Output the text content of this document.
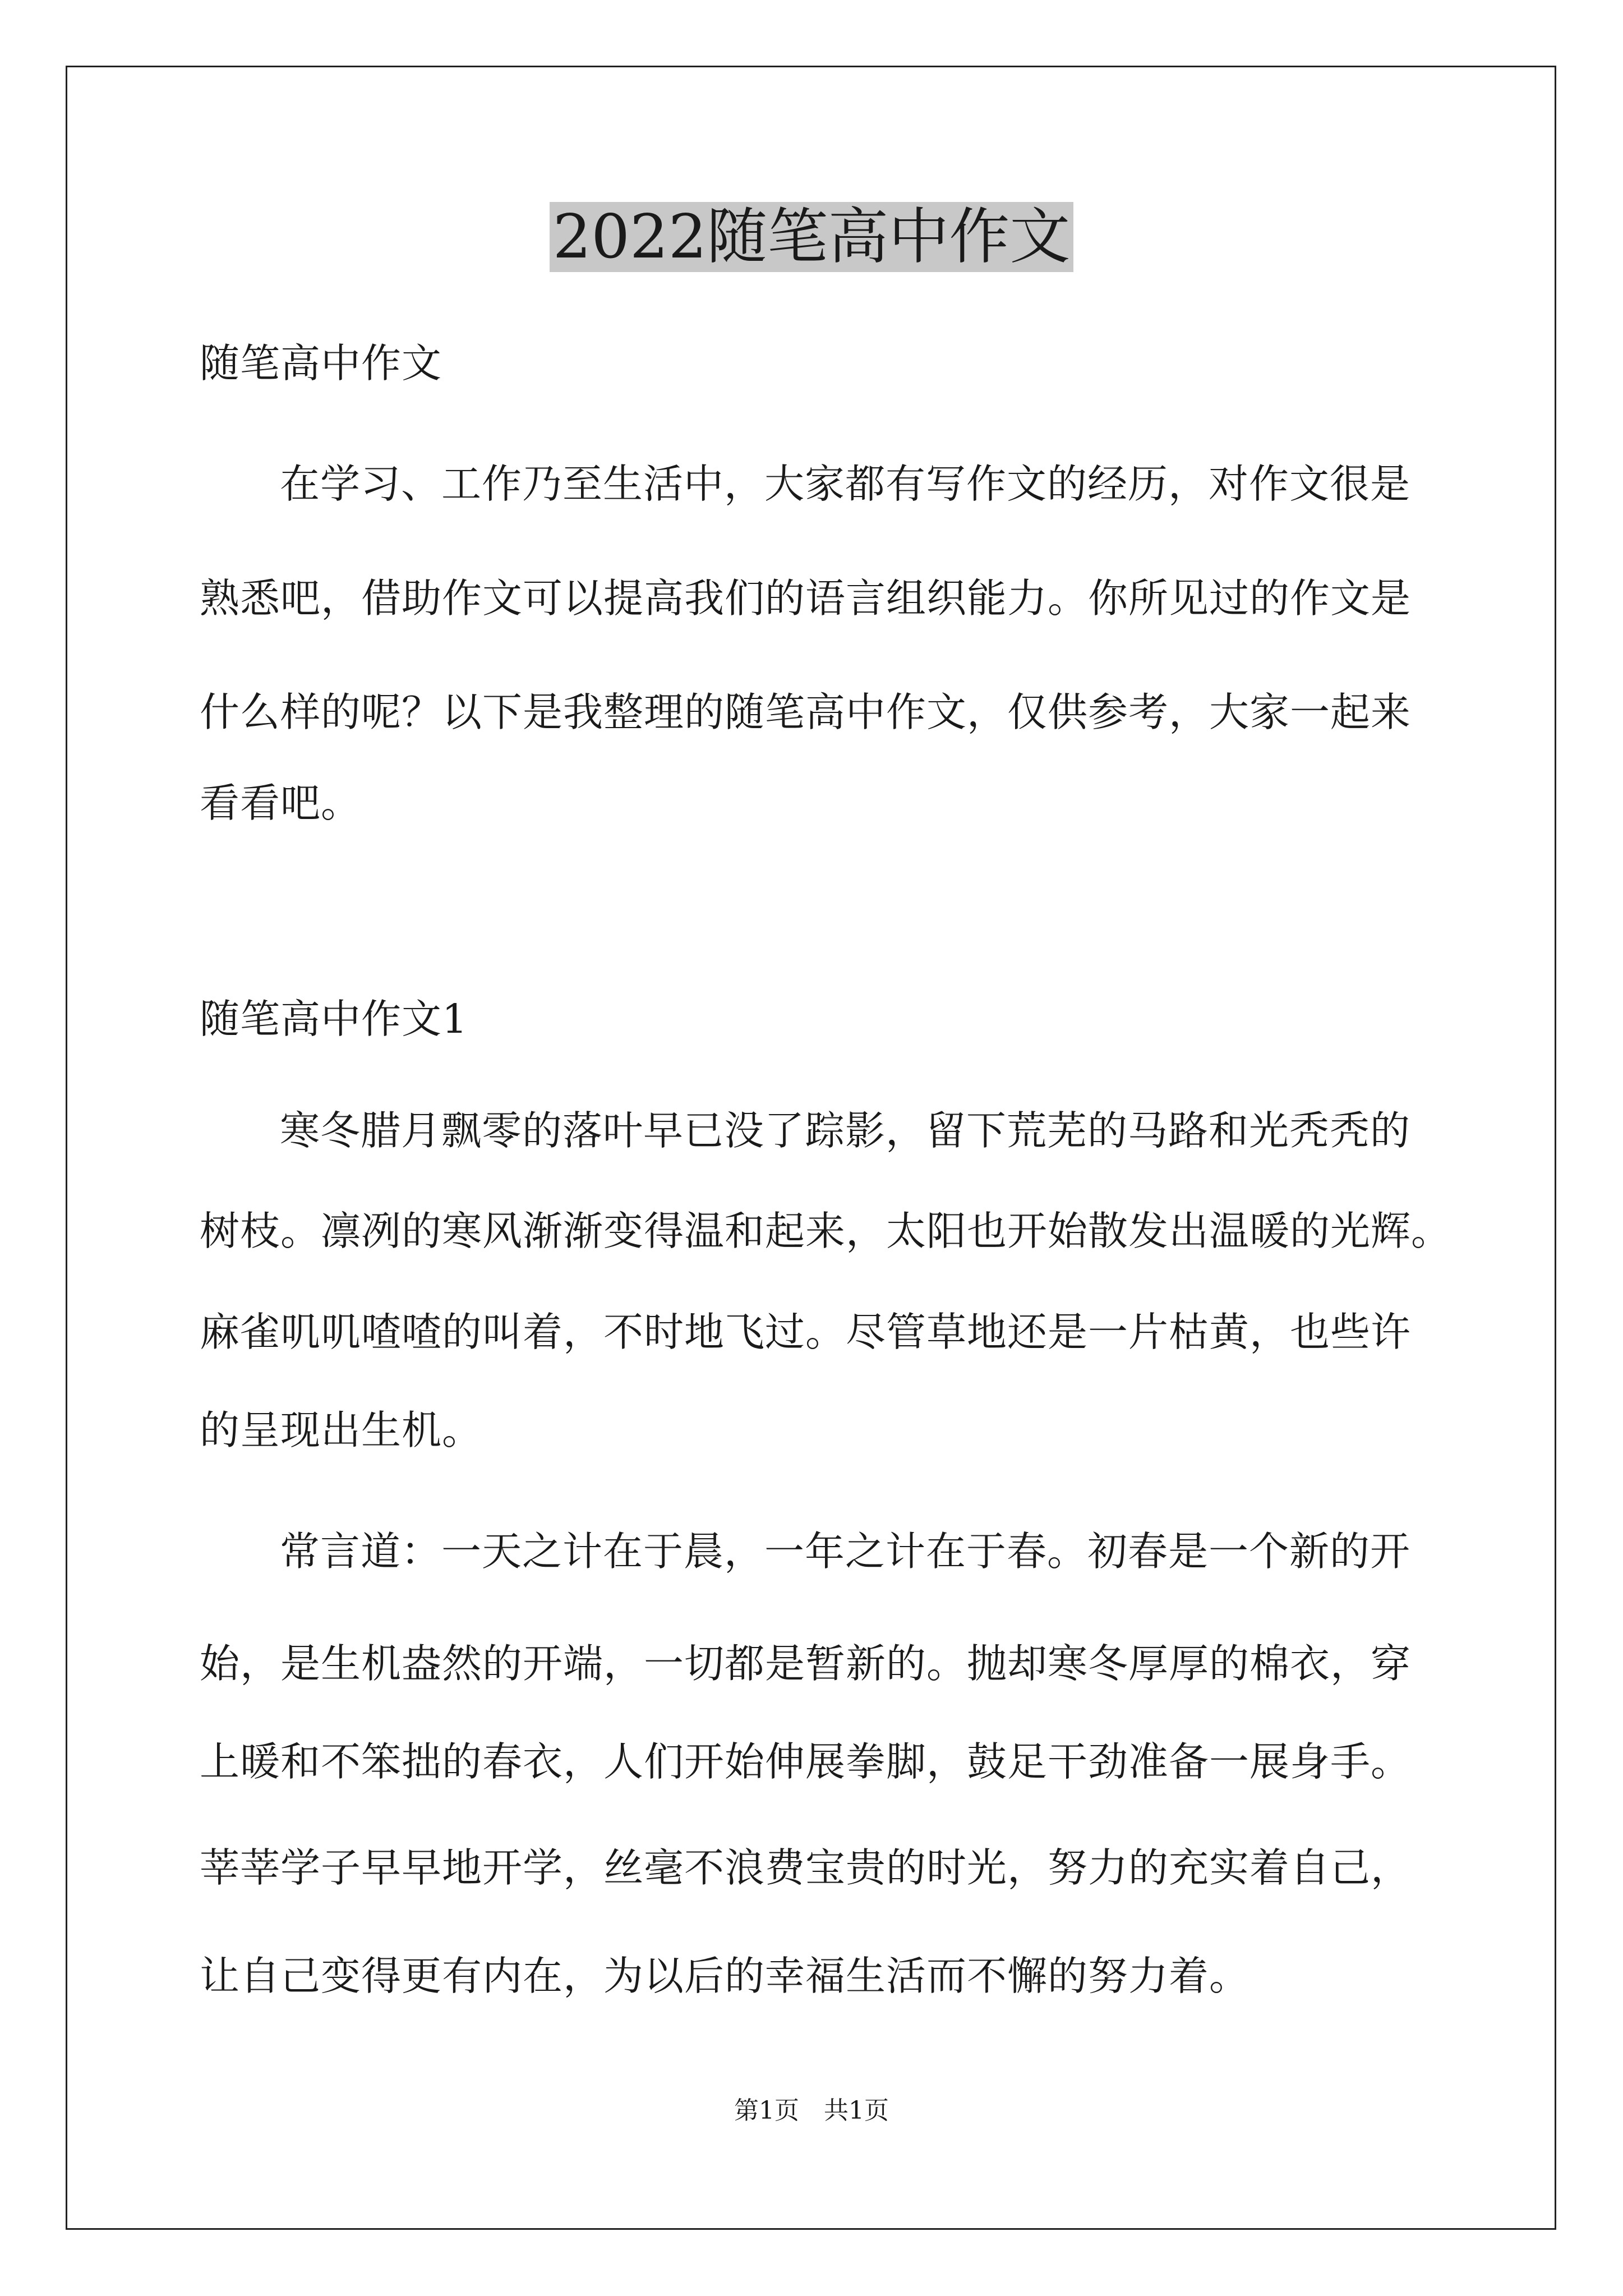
2022随笔高中作文
随笔高中作文
在学习、工作乃至生活中，大家都有写作文的经历，对作文很是
熟悉吧，借助作文可以提高我们的语言组织能力。你所见过的作文是
什么样的呢？以下是我整理的随笔高中作文，仅供参考，大家一起来
看看吧。
随笔高中作文1
寒冬腊月飘零的落叶早已没了踪影，留下荒芜的马路和光秃秃的
树枝。凛冽的寒风渐渐变得温和起来，太阳也开始散发出温暖的光辉。
麻雀叽叽喳喳的叫着，不时地飞过。尽管草地还是一片枯黄，也些许
的呈现出生机。
常言道：一天之计在于晨，一年之计在于春。初春是一个新的开
始，是生机盎然的开端，一切都是暂新的。抛却寒冬厚厚的棉衣，穿
上暖和不笨拙的春衣，人们开始伸展拳脚，鼓足干劲准备一展身手。
莘莘学子早早地开学，丝毫不浪费宝贵的时光，努力的充实着自己，
让自己变得更有内在，为以后的幸福生活而不懈的努力着。
第1页　共1页
